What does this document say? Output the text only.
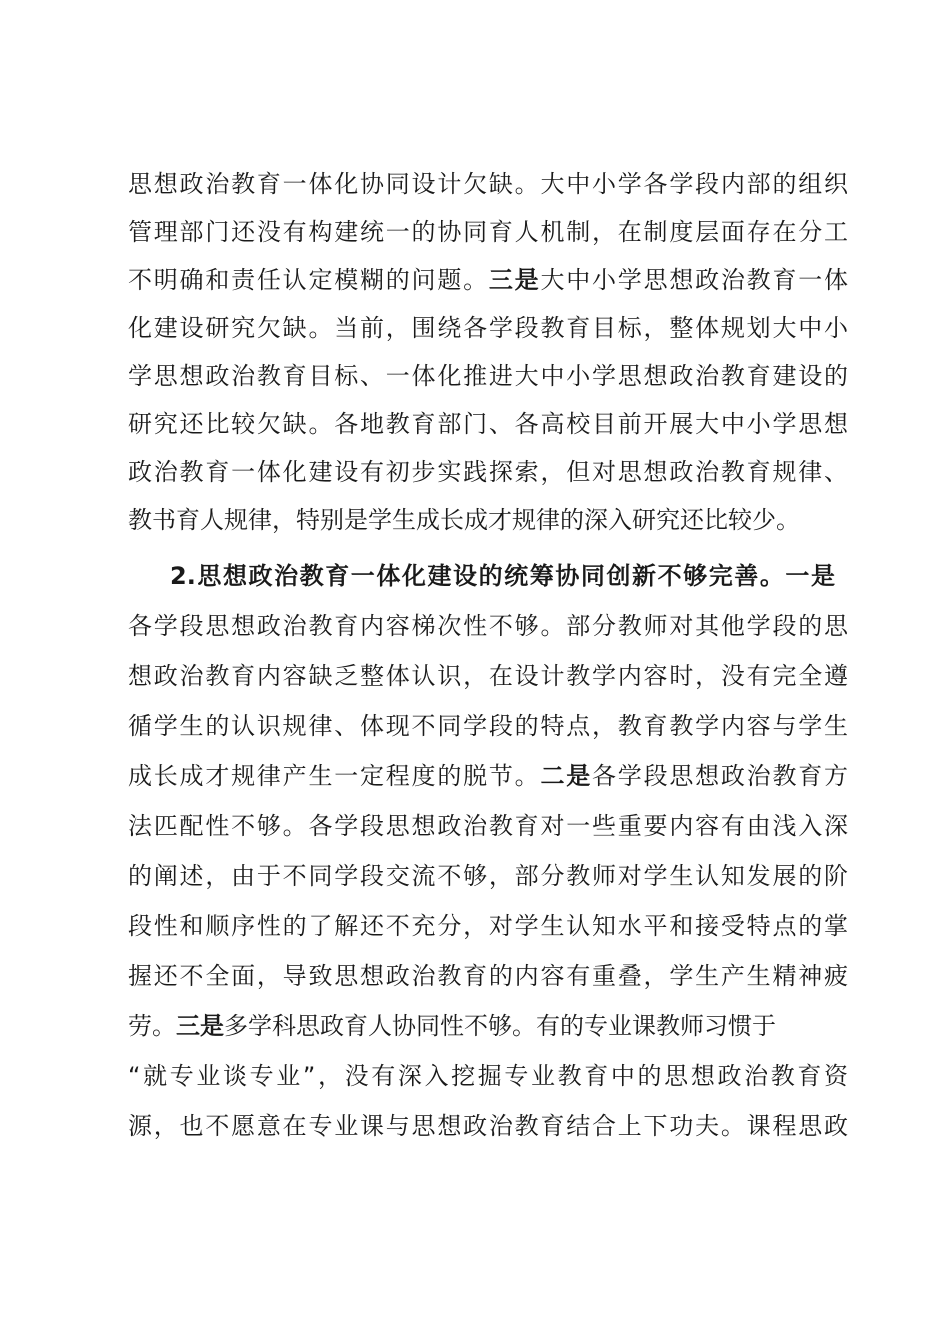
思想政治教育一体化协同设计欠缺。大中小学各学段内部的组织
管理部门还没有构建统一的协同育人机制，在制度层面存在分工
不明确和责任认定模糊的问题。三是大中小学思想政治教育一体
化建设研究欠缺。当前，围绕各学段教育目标，整体规划大中小
学思想政治教育目标、一体化推进大中小学思想政治教育建设的
研究还比较欠缺。各地教育部门、各高校目前开展大中小学思想
政治教育一体化建设有初步实践探索，但对思想政治教育规律、
教书育人规律，特别是学生成长成才规律的深入研究还比较少。
2.思想政治教育一体化建设的统筹协同创新不够完善。一是
各学段思想政治教育内容梯次性不够。部分教师对其他学段的思
想政治教育内容缺乏整体认识，在设计教学内容时，没有完全遵
循学生的认识规律、体现不同学段的特点，教育教学内容与学生
成长成才规律产生一定程度的脱节。二是各学段思想政治教育方
法匹配性不够。各学段思想政治教育对一些重要内容有由浅入深
的阐述，由于不同学段交流不够，部分教师对学生认知发展的阶
段性和顺序性的了解还不充分，对学生认知水平和接受特点的掌
握还不全面，导致思想政治教育的内容有重叠，学生产生精神疲
劳。三是多学科思政育人协同性不够。有的专业课教师习惯于
“就专业谈专业”，没有深入挖掘专业教育中的思想政治教育资
源，也不愿意在专业课与思想政治教育结合上下功夫。课程思政
